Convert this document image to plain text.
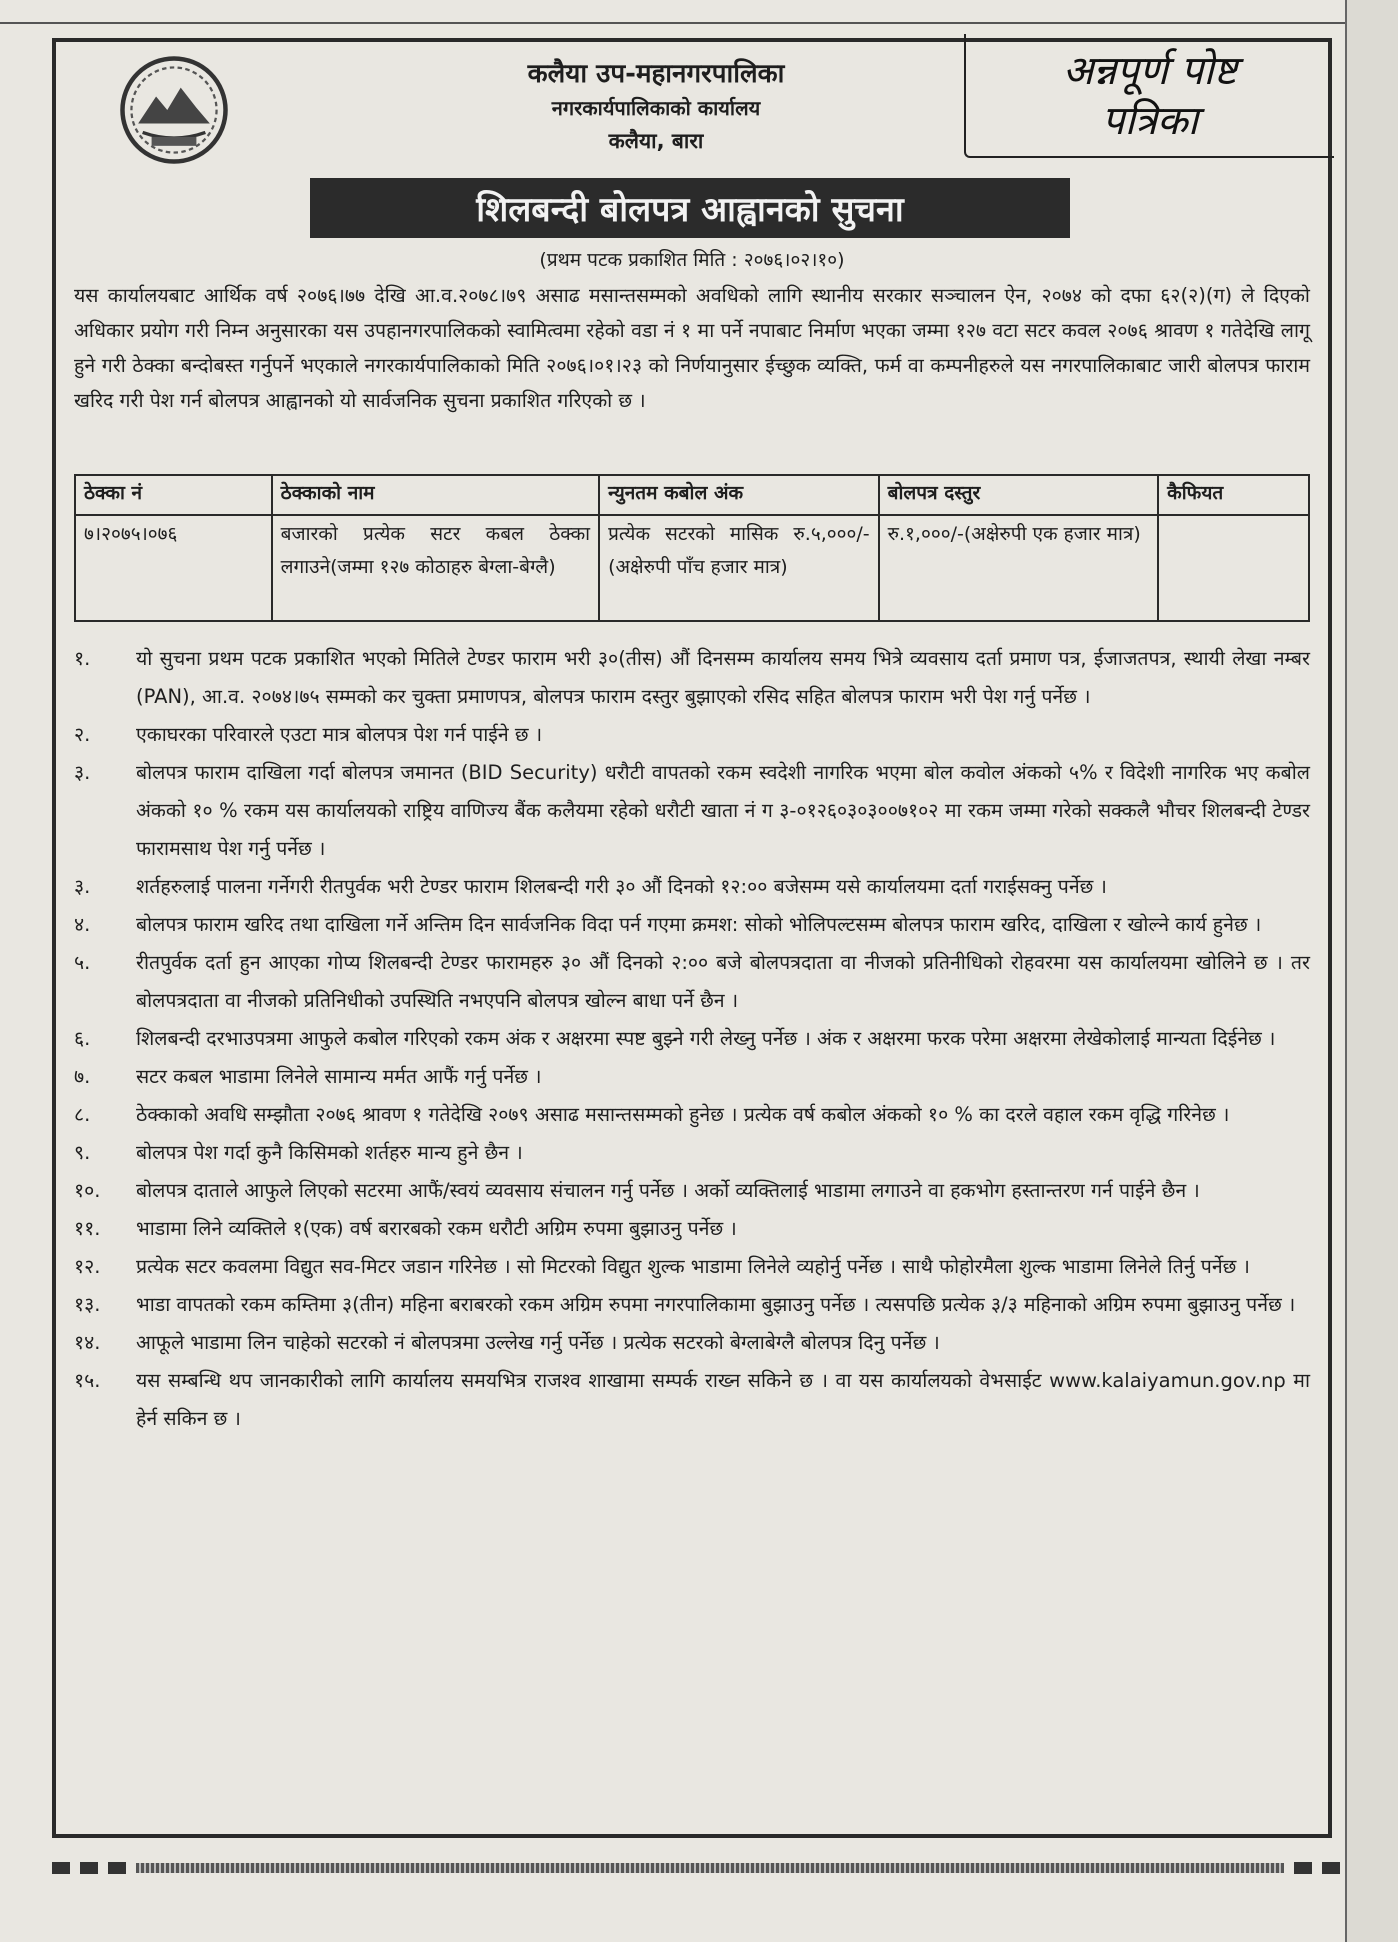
कलैया उप-महानगरपालिका
नगरकार्यपालिकाको कार्यालय
कलैया, बारा
अन्नपूर्ण पोष्ट
पत्रिका
शिलबन्दी बोलपत्र आह्वानको सुचना
(प्रथम पटक प्रकाशित मिति : २०७६।०२।१०)
यस कार्यालयबाट आर्थिक वर्ष २०७६।७७ देखि आ.व.२०७८।७९ असाढ मसान्तसम्मको अवधिको लागि स्थानीय सरकार सञ्चालन ऐन, २०७४ को दफा ६२(२)(ग) ले दिएको अधिकार प्रयोग गरी निम्न अनुसारका यस उपहानगरपालिकको स्वामित्वमा रहेको वडा नं १ मा पर्ने नपाबाट निर्माण भएका जम्मा १२७ वटा सटर कवल २०७६ श्रावण १ गतेदेखि लागू हुने गरी ठेक्का बन्दोबस्त गर्नुपर्ने भएकाले नगरकार्यपालिकाको मिति २०७६।०१।२३ को निर्णयानुसार ईच्छुक व्यक्ति, फर्म वा कम्पनीहरुले यस नगरपालिकाबाट जारी बोलपत्र फाराम खरिद गरी पेश गर्न बोलपत्र आह्वानको यो सार्वजनिक सुचना प्रकाशित गरिएको छ ।
ठेक्का नं	ठेक्काको नाम	न्युनतम कबोल अंक	बोलपत्र दस्तुर	कैफियत
७।२०७५।०७६	बजारको प्रत्येक सटर कबल ठेक्का लगाउने(जम्मा १२७ कोठाहरु बेग्ला-बेग्लै)	प्रत्येक सटरको मासिक रु.५,०००/-(अक्षेरुपी पाँच हजार मात्र)	रु.१,०००/-(अक्षेरुपी एक हजार मात्र)	
१.	यो सुचना प्रथम पटक प्रकाशित भएको मितिले टेण्डर फाराम भरी ३०(तीस) औं दिनसम्म कार्यालय समय भित्रे व्यवसाय दर्ता प्रमाण पत्र, ईजाजतपत्र, स्थायी लेखा नम्बर (PAN), आ.व. २०७४।७५ सम्मको कर चुक्ता प्रमाणपत्र, बोलपत्र फाराम दस्तुर बुझाएको रसिद सहित बोलपत्र फाराम भरी पेश गर्नु पर्नेछ ।
२.	एकाघरका परिवारले एउटा मात्र बोलपत्र पेश गर्न पाईने छ ।
३.	बोलपत्र फाराम दाखिला गर्दा बोलपत्र जमानत (BID Security) धरौटी वापतको रकम स्वदेशी नागरिक भएमा बोल कवोल अंकको ५% र विदेशी नागरिक भए कबोल अंकको १० % रकम यस कार्यालयको राष्ट्रिय वाणिज्य बैंक कलैयमा रहेको धरौटी खाता नं ग ३-०१२६०३०३००७१०२ मा रकम जम्मा गरेको सक्कलै भौचर शिलबन्दी टेण्डर फारामसाथ पेश गर्नु पर्नेछ ।
३.	शर्तहरुलाई पालना गर्नेगरी रीतपुर्वक भरी टेण्डर फाराम शिलबन्दी गरी ३० औं दिनको १२:०० बजेसम्म यसे कार्यालयमा दर्ता गराईसक्नु पर्नेछ ।
४.	बोलपत्र फाराम खरिद तथा दाखिला गर्ने अन्तिम दिन सार्वजनिक विदा पर्न गएमा क्रमश: सोको भोलिपल्टसम्म बोलपत्र फाराम खरिद, दाखिला र खोल्ने कार्य हुनेछ ।
५.	रीतपुर्वक दर्ता हुन आएका गोप्य शिलबन्दी टेण्डर फारामहरु ३० औं दिनको २:०० बजे बोलपत्रदाता वा नीजको प्रतिनीधिको रोहवरमा यस कार्यालयमा खोलिने छ । तर बोलपत्रदाता वा नीजको प्रतिनिधीको उपस्थिति नभएपनि बोलपत्र खोल्न बाधा पर्ने छैन ।
६.	शिलबन्दी दरभाउपत्रमा आफुले कबोल गरिएको रकम अंक र अक्षरमा स्पष्ट बुझ्ने गरी लेख्नु पर्नेछ । अंक र अक्षरमा फरक परेमा अक्षरमा लेखेकोलाई मान्यता दिईनेछ ।
७.	सटर कबल भाडामा लिनेले सामान्य मर्मत आफैं गर्नु पर्नेछ ।
८.	ठेक्काको अवधि सम्झौता २०७६ श्रावण १ गतेदेखि २०७९ असाढ मसान्तसम्मको हुनेछ । प्रत्येक वर्ष कबोल अंकको १० % का दरले वहाल रकम वृद्धि गरिनेछ ।
९.	बोलपत्र पेश गर्दा कुनै किसिमको शर्तहरु मान्य हुने छैन ।
१०.	बोलपत्र दाताले आफुले लिएको सटरमा आफैं/स्वयं व्यवसाय संचालन गर्नु पर्नेछ । अर्को व्यक्तिलाई भाडामा लगाउने वा हकभोग हस्तान्तरण गर्न पाईने छैन ।
११.	भाडामा लिने व्यक्तिले १(एक) वर्ष बरारबको रकम धरौटी अग्रिम रुपमा बुझाउनु पर्नेछ ।
१२.	प्रत्येक सटर कवलमा विद्युत सव-मिटर जडान गरिनेछ । सो मिटरको विद्युत शुल्क भाडामा लिनेले व्यहोर्नु पर्नेछ । साथै फोहोरमैला शुल्क भाडामा लिनेले तिर्नु पर्नेछ ।
१३.	भाडा वापतको रकम कम्तिमा ३(तीन) महिना बराबरको रकम अग्रिम रुपमा नगरपालिकामा बुझाउनु पर्नेछ । त्यसपछि प्रत्येक ३/३ महिनाको अग्रिम रुपमा बुझाउनु पर्नेछ ।
१४.	आफूले भाडामा लिन चाहेको सटरको नं बोलपत्रमा उल्लेख गर्नु पर्नेछ । प्रत्येक सटरको बेग्लाबेग्लै बोलपत्र दिनु पर्नेछ ।
१५.	यस सम्बन्धि थप जानकारीको लागि कार्यालय समयभित्र राजश्व शाखामा सम्पर्क राख्न सकिने छ । वा यस कार्यालयको वेभसाईट www.kalaiyamun.gov.np मा हेर्न सकिन छ ।
